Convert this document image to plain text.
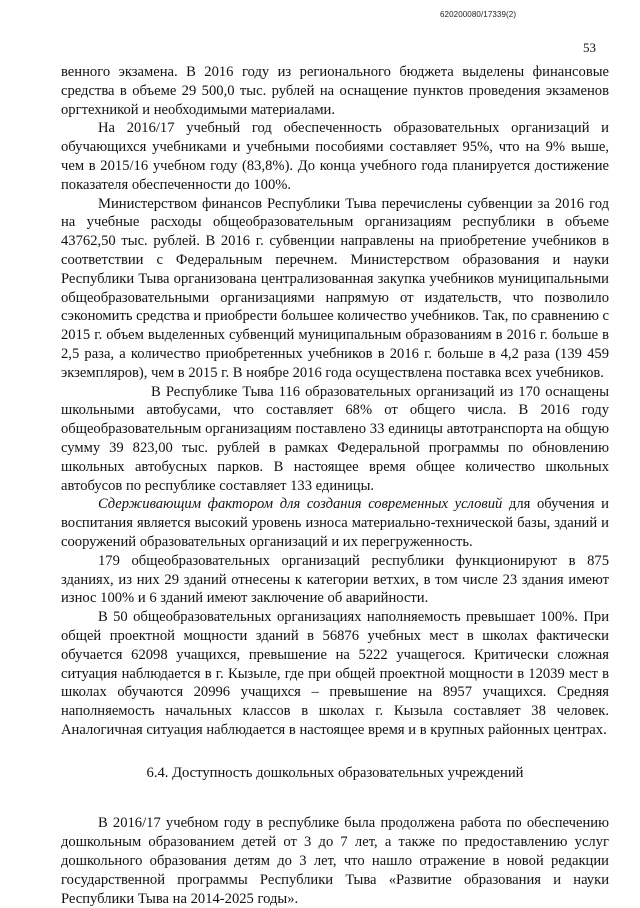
620200080/17339(2)
53

венного экзамена. В 2016 году из регионального бюджета выделены финансовые средства в объеме 29 500,0 тыс. рублей на оснащение пунктов проведения экзаменов оргтехникой и необходимыми материалами.

На 2016/17 учебный год обеспеченность образовательных организаций и обучающихся учебниками и учебными пособиями составляет 95%, что на 9% выше, чем в 2015/16 учебном году (83,8%). До конца учебного года планируется достижение показателя обеспеченности до 100%.

Министерством финансов Республики Тыва перечислены субвенции за 2016 год на учебные расходы общеобразовательным организациям республики в объеме 43762,50 тыс. рублей. В 2016 г. субвенции направлены на приобретение учебников в соответствии с Федеральным перечнем. Министерством образования и науки Республики Тыва организована централизованная закупка учебников муниципальными общеобразовательными организациями напрямую от издательств, что позволило сэкономить средства и приобрести большее количество учебников. Так, по сравнению с 2015 г. объем выделенных субвенций муниципальным образованиям в 2016 г. больше в 2,5 раза, а количество приобретенных учебников в 2016 г. больше в 4,2 раза (139 459 экземпляров), чем в 2015 г. В ноябре 2016 года осуществлена поставка всех учебников.

В Республике Тыва 116 образовательных организаций из 170 оснащены школьными автобусами, что составляет 68% от общего числа. В 2016 году общеобразовательным организациям поставлено 33 единицы автотранспорта на общую сумму 39 823,00 тыс. рублей в рамках Федеральной программы по обновлению школьных автобусных парков. В настоящее время общее количество школьных автобусов по республике составляет 133 единицы.

Сдерживающим фактором для создания современных условий для обучения и воспитания является высокий уровень износа материально-технической базы, зданий и сооружений образовательных организаций и их перегруженность.

179 общеобразовательных организаций республики функционируют в 875 зданиях, из них 29 зданий отнесены к категории ветхих, в том числе 23 здания имеют износ 100% и 6 зданий имеют заключение об аварийности.

В 50 общеобразовательных организациях наполняемость превышает 100%. При общей проектной мощности зданий в 56876 учебных мест в школах фактически обучается 62098 учащихся, превышение на 5222 учащегося. Критически сложная ситуация наблюдается в г. Кызыле, где при общей проектной мощности в 12039 мест в школах обучаются 20996 учащихся – превышение на 8957 учащихся. Средняя наполняемость начальных классов в школах г. Кызыла составляет 38 человек. Аналогичная ситуация наблюдается в настоящее время и в крупных районных центрах.

6.4. Доступность дошкольных образовательных учреждений

В 2016/17 учебном году в республике была продолжена работа по обеспечению дошкольным образованием детей от 3 до 7 лет, а также по предоставлению услуг дошкольного образования детям до 3 лет, что нашло отражение в новой редакции государственной программы Республики Тыва «Развитие образования и науки Республики Тыва на 2014-2025 годы».
